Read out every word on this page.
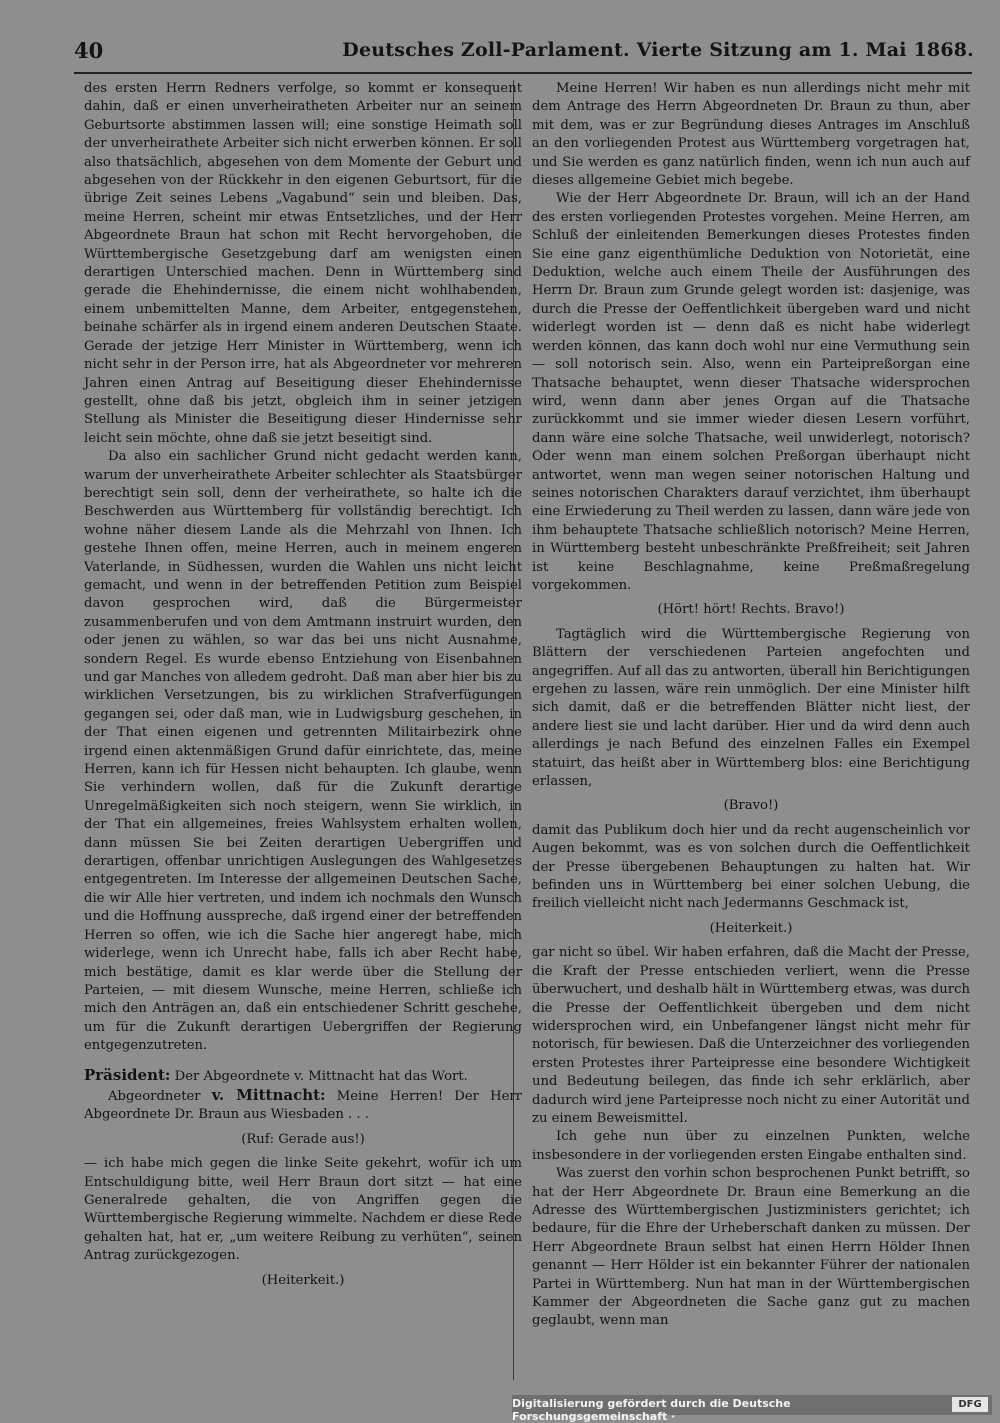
40	Deutsches Zoll-Parlament. Vierte Sitzung am 1. Mai 1868.

des ersten Herrn Redners verfolge, so kommt er konsequent dahin, daß er einen unverheiratheten Arbeiter nur an seinem Geburtsorte abstimmen lassen will; eine sonstige Heimath soll der unverheirathete Arbeiter sich nicht erwerben können. Er soll also thatsächlich, abgesehen von dem Momente der Geburt und abgesehen von der Rückkehr in den eigenen Geburtsort, für die übrige Zeit seines Lebens „Vagabund“ sein und bleiben. Das, meine Herren, scheint mir etwas Entsetzliches, und der Herr Abgeordnete Braun hat schon mit Recht hervorgehoben, die Württembergische Gesetzgebung darf am wenigsten einen derartigen Unterschied machen. Denn in Württemberg sind gerade die Ehehindernisse, die einem nicht wohlhabenden, einem unbemittelten Manne, dem Arbeiter, entgegenstehen, beinahe schärfer als in irgend einem anderen Deutschen Staate. Gerade der jetzige Herr Minister in Württemberg, wenn ich nicht sehr in der Person irre, hat als Abgeordneter vor mehreren Jahren einen Antrag auf Beseitigung dieser Ehehindernisse gestellt, ohne daß bis jetzt, obgleich ihm in seiner jetzigen Stellung als Minister die Beseitigung dieser Hindernisse sehr leicht sein möchte, ohne daß sie jetzt beseitigt sind.

Da also ein sachlicher Grund nicht gedacht werden kann, warum der unverheirathete Arbeiter schlechter als Staatsbürger berechtigt sein soll, denn der verheirathete, so halte ich die Beschwerden aus Württemberg für vollständig berechtigt. Ich wohne näher diesem Lande als die Mehrzahl von Ihnen. Ich gestehe Ihnen offen, meine Herren, auch in meinem engeren Vaterlande, in Südhessen, wurden die Wahlen uns nicht leicht gemacht, und wenn in der betreffenden Petition zum Beispiel davon gesprochen wird, daß die Bürgermeister zusammenberufen und von dem Amtmann instruirt wurden, den oder jenen zu wählen, so war das bei uns nicht Ausnahme, sondern Regel. Es wurde ebenso Entziehung von Eisenbahnen und gar Manches von alledem gedroht. Daß man aber hier bis zu wirklichen Versetzungen, bis zu wirklichen Strafverfügungen gegangen sei, oder daß man, wie in Ludwigsburg geschehen, in der That einen eigenen und getrennten Militairbezirk ohne irgend einen aktenmäßigen Grund dafür einrichtete, das, meine Herren, kann ich für Hessen nicht behaupten. Ich glaube, wenn Sie verhindern wollen, daß für die Zukunft derartige Unregelmäßigkeiten sich noch steigern, wenn Sie wirklich, in der That ein allgemeines, freies Wahlsystem erhalten wollen, dann müssen Sie bei Zeiten derartigen Uebergriffen und derartigen, offenbar unrichtigen Auslegungen des Wahlgesetzes entgegentreten. Im Interesse der allgemeinen Deutschen Sache, die wir Alle hier vertreten, und indem ich nochmals den Wunsch und die Hoffnung ausspreche, daß irgend einer der betreffenden Herren so offen, wie ich die Sache hier angeregt habe, mich widerlege, wenn ich Unrecht habe, falls ich aber Recht habe, mich bestätige, damit es klar werde über die Stellung der Parteien, — mit diesem Wunsche, meine Herren, schließe ich mich den Anträgen an, daß ein entschiedener Schritt geschehe, um für die Zukunft derartigen Uebergriffen der Regierung entgegenzutreten.

Präsident: Der Abgeordnete v. Mittnacht hat das Wort.

Abgeordneter v. Mittnacht: Meine Herren! Der Herr Abgeordnete Dr. Braun aus Wiesbaden . . .

(Ruf: Gerade aus!)

— ich habe mich gegen die linke Seite gekehrt, wofür ich um Entschuldigung bitte, weil Herr Braun dort sitzt — hat eine Generalrede gehalten, die von Angriffen gegen die Württembergische Regierung wimmelte. Nachdem er diese Rede gehalten hat, hat er, „um weitere Reibung zu verhüten“, seinen Antrag zurückgezogen.

(Heiterkeit.)

Meine Herren! Wir haben es nun allerdings nicht mehr mit dem Antrage des Herrn Abgeordneten Dr. Braun zu thun, aber mit dem, was er zur Begründung dieses Antrages im Anschluß an den vorliegenden Protest aus Württemberg vorgetragen hat, und Sie werden es ganz natürlich finden, wenn ich nun auch auf dieses allgemeine Gebiet mich begebe.

Wie der Herr Abgeordnete Dr. Braun, will ich an der Hand des ersten vorliegenden Protestes vorgehen. Meine Herren, am Schluß der einleitenden Bemerkungen dieses Protestes finden Sie eine ganz eigenthümliche Deduktion von Notorietät, eine Deduktion, welche auch einem Theile der Ausführungen des Herrn Dr. Braun zum Grunde gelegt worden ist: dasjenige, was durch die Presse der Oeffentlichkeit übergeben ward und nicht widerlegt worden ist — denn daß es nicht habe widerlegt werden können, das kann doch wohl nur eine Vermuthung sein — soll notorisch sein. Also, wenn ein Parteipreßorgan eine Thatsache behauptet, wenn dieser Thatsache widersprochen wird, wenn dann aber jenes Organ auf die Thatsache zurückkommt und sie immer wieder diesen Lesern vorführt, dann wäre eine solche Thatsache, weil unwiderlegt, notorisch? Oder wenn man einem solchen Preßorgan überhaupt nicht antwortet, wenn man wegen seiner notorischen Haltung und seines notorischen Charakters darauf verzichtet, ihm überhaupt eine Erwiederung zu Theil werden zu lassen, dann wäre jede von ihm behauptete Thatsache schließlich notorisch? Meine Herren, in Württemberg besteht unbeschränkte Preßfreiheit; seit Jahren ist keine Beschlagnahme, keine Preßmaßregelung vorgekommen.

(Hört! hört! Rechts. Bravo!)

Tagtäglich wird die Württembergische Regierung von Blättern der verschiedenen Parteien angefochten und angegriffen. Auf all das zu antworten, überall hin Berichtigungen ergehen zu lassen, wäre rein unmöglich. Der eine Minister hilft sich damit, daß er die betreffenden Blätter nicht liest, der andere liest sie und lacht darüber. Hier und da wird denn auch allerdings je nach Befund des einzelnen Falles ein Exempel statuirt, das heißt aber in Württemberg blos: eine Berichtigung erlassen,

(Bravo!)

damit das Publikum doch hier und da recht augenscheinlich vor Augen bekommt, was es von solchen durch die Oeffentlichkeit der Presse übergebenen Behauptungen zu halten hat. Wir befinden uns in Württemberg bei einer solchen Uebung, die freilich vielleicht nicht nach Jedermanns Geschmack ist,

(Heiterkeit.)

gar nicht so übel. Wir haben erfahren, daß die Macht der Presse, die Kraft der Presse entschieden verliert, wenn die Presse überwuchert, und deshalb hält in Württemberg etwas, was durch die Presse der Oeffentlichkeit übergeben und dem nicht widersprochen wird, ein Unbefangener längst nicht mehr für notorisch, für bewiesen. Daß die Unterzeichner des vorliegenden ersten Protestes ihrer Parteipresse eine besondere Wichtigkeit und Bedeutung beilegen, das finde ich sehr erklärlich, aber dadurch wird jene Parteipresse noch nicht zu einer Autorität und zu einem Beweismittel.

Ich gehe nun über zu einzelnen Punkten, welche insbesondere in der vorliegenden ersten Eingabe enthalten sind.

Was zuerst den vorhin schon besprochenen Punkt betrifft, so hat der Herr Abgeordnete Dr. Braun eine Bemerkung an die Adresse des Württembergischen Justizministers gerichtet; ich bedaure, für die Ehre der Urheberschaft danken zu müssen. Der Herr Abgeordnete Braun selbst hat einen Herrn Hölder Ihnen genannt — Herr Hölder ist ein bekannter Führer der nationalen Partei in Württemberg. Nun hat man in der Württembergischen Kammer der Abgeordneten die Sache ganz gut zu machen geglaubt, wenn man

Digitalisierung gefördert durch die Deutsche Forschungsgemeinschaft ·
DFG
